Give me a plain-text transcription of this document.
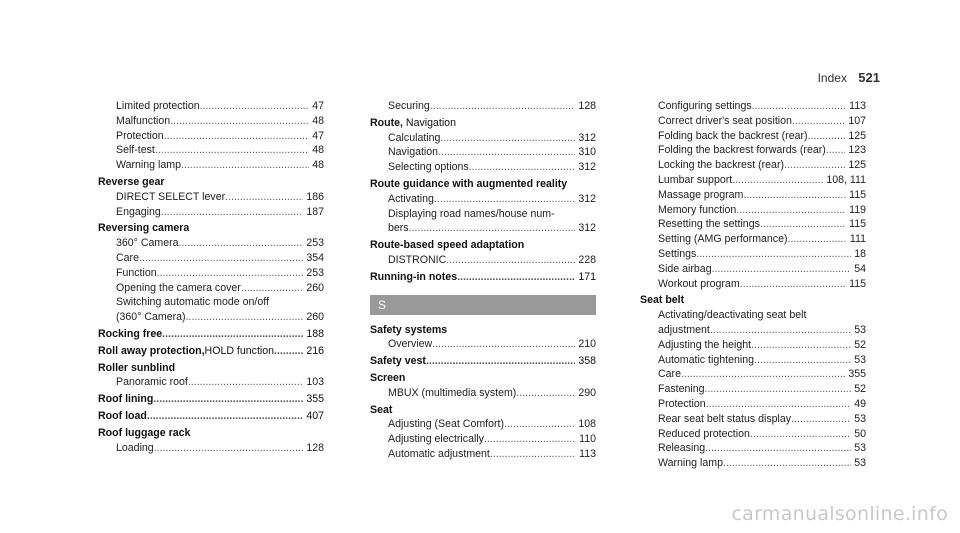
Index 521
Limited protection .....	47
Malfunction .....	48
Protection .....	47
Self-test .....	48
Warning lamp .....	48
Reverse gear
DIRECT SELECT lever .....	186
Engaging .....	187
Reversing camera
360° Camera .....	253
Care .....	354
Function .....	253
Opening the camera cover .....	260
Switching automatic mode on/off
(360° Camera) .....	260
Rocking free .....	188
Roll away protection, HOLD function .....	216
Roller sunblind
Panoramic roof .....	103
Roof lining .....	355
Roof load .....	407
Roof luggage rack
Loading .....	128
Securing .....	128
Route, Navigation
Calculating .....	312
Navigation .....	310
Selecting options .....	312
Route guidance with augmented reality
Activating .....	312
Displaying road names/house num-
bers .....	312
Route-based speed adaptation
DISTRONIC .....	228
Running-in notes .....	171
S
Safety systems
Overview .....	210
Safety vest .....	358
Screen
MBUX (multimedia system) .....	290
Seat
Adjusting (Seat Comfort) .....	108
Adjusting electrically .....	110
Automatic adjustment .....	113
Configuring settings .....	113
Correct driver's seat position .....	107
Folding back the backrest (rear) .....	125
Folding the backrest forwards (rear) ..... 123
Locking the backrest (rear) .....	125
Lumbar support .....	108, 111
Massage program .....	115
Memory function .....	119
Resetting the settings .....	115
Setting (AMG performance) .....	111
Settings .....	18
Side airbag .....	54
Workout program .....	115
Seat belt
Activating/deactivating seat belt
adjustment .....	53
Adjusting the height .....	52
Automatic tightening .....	53
Care .....	355
Fastening .....	52
Protection .....	49
Rear seat belt status display .....	53
Reduced protection .....	50
Releasing .....	53
Warning lamp .....	53
carmanualsonline.info
